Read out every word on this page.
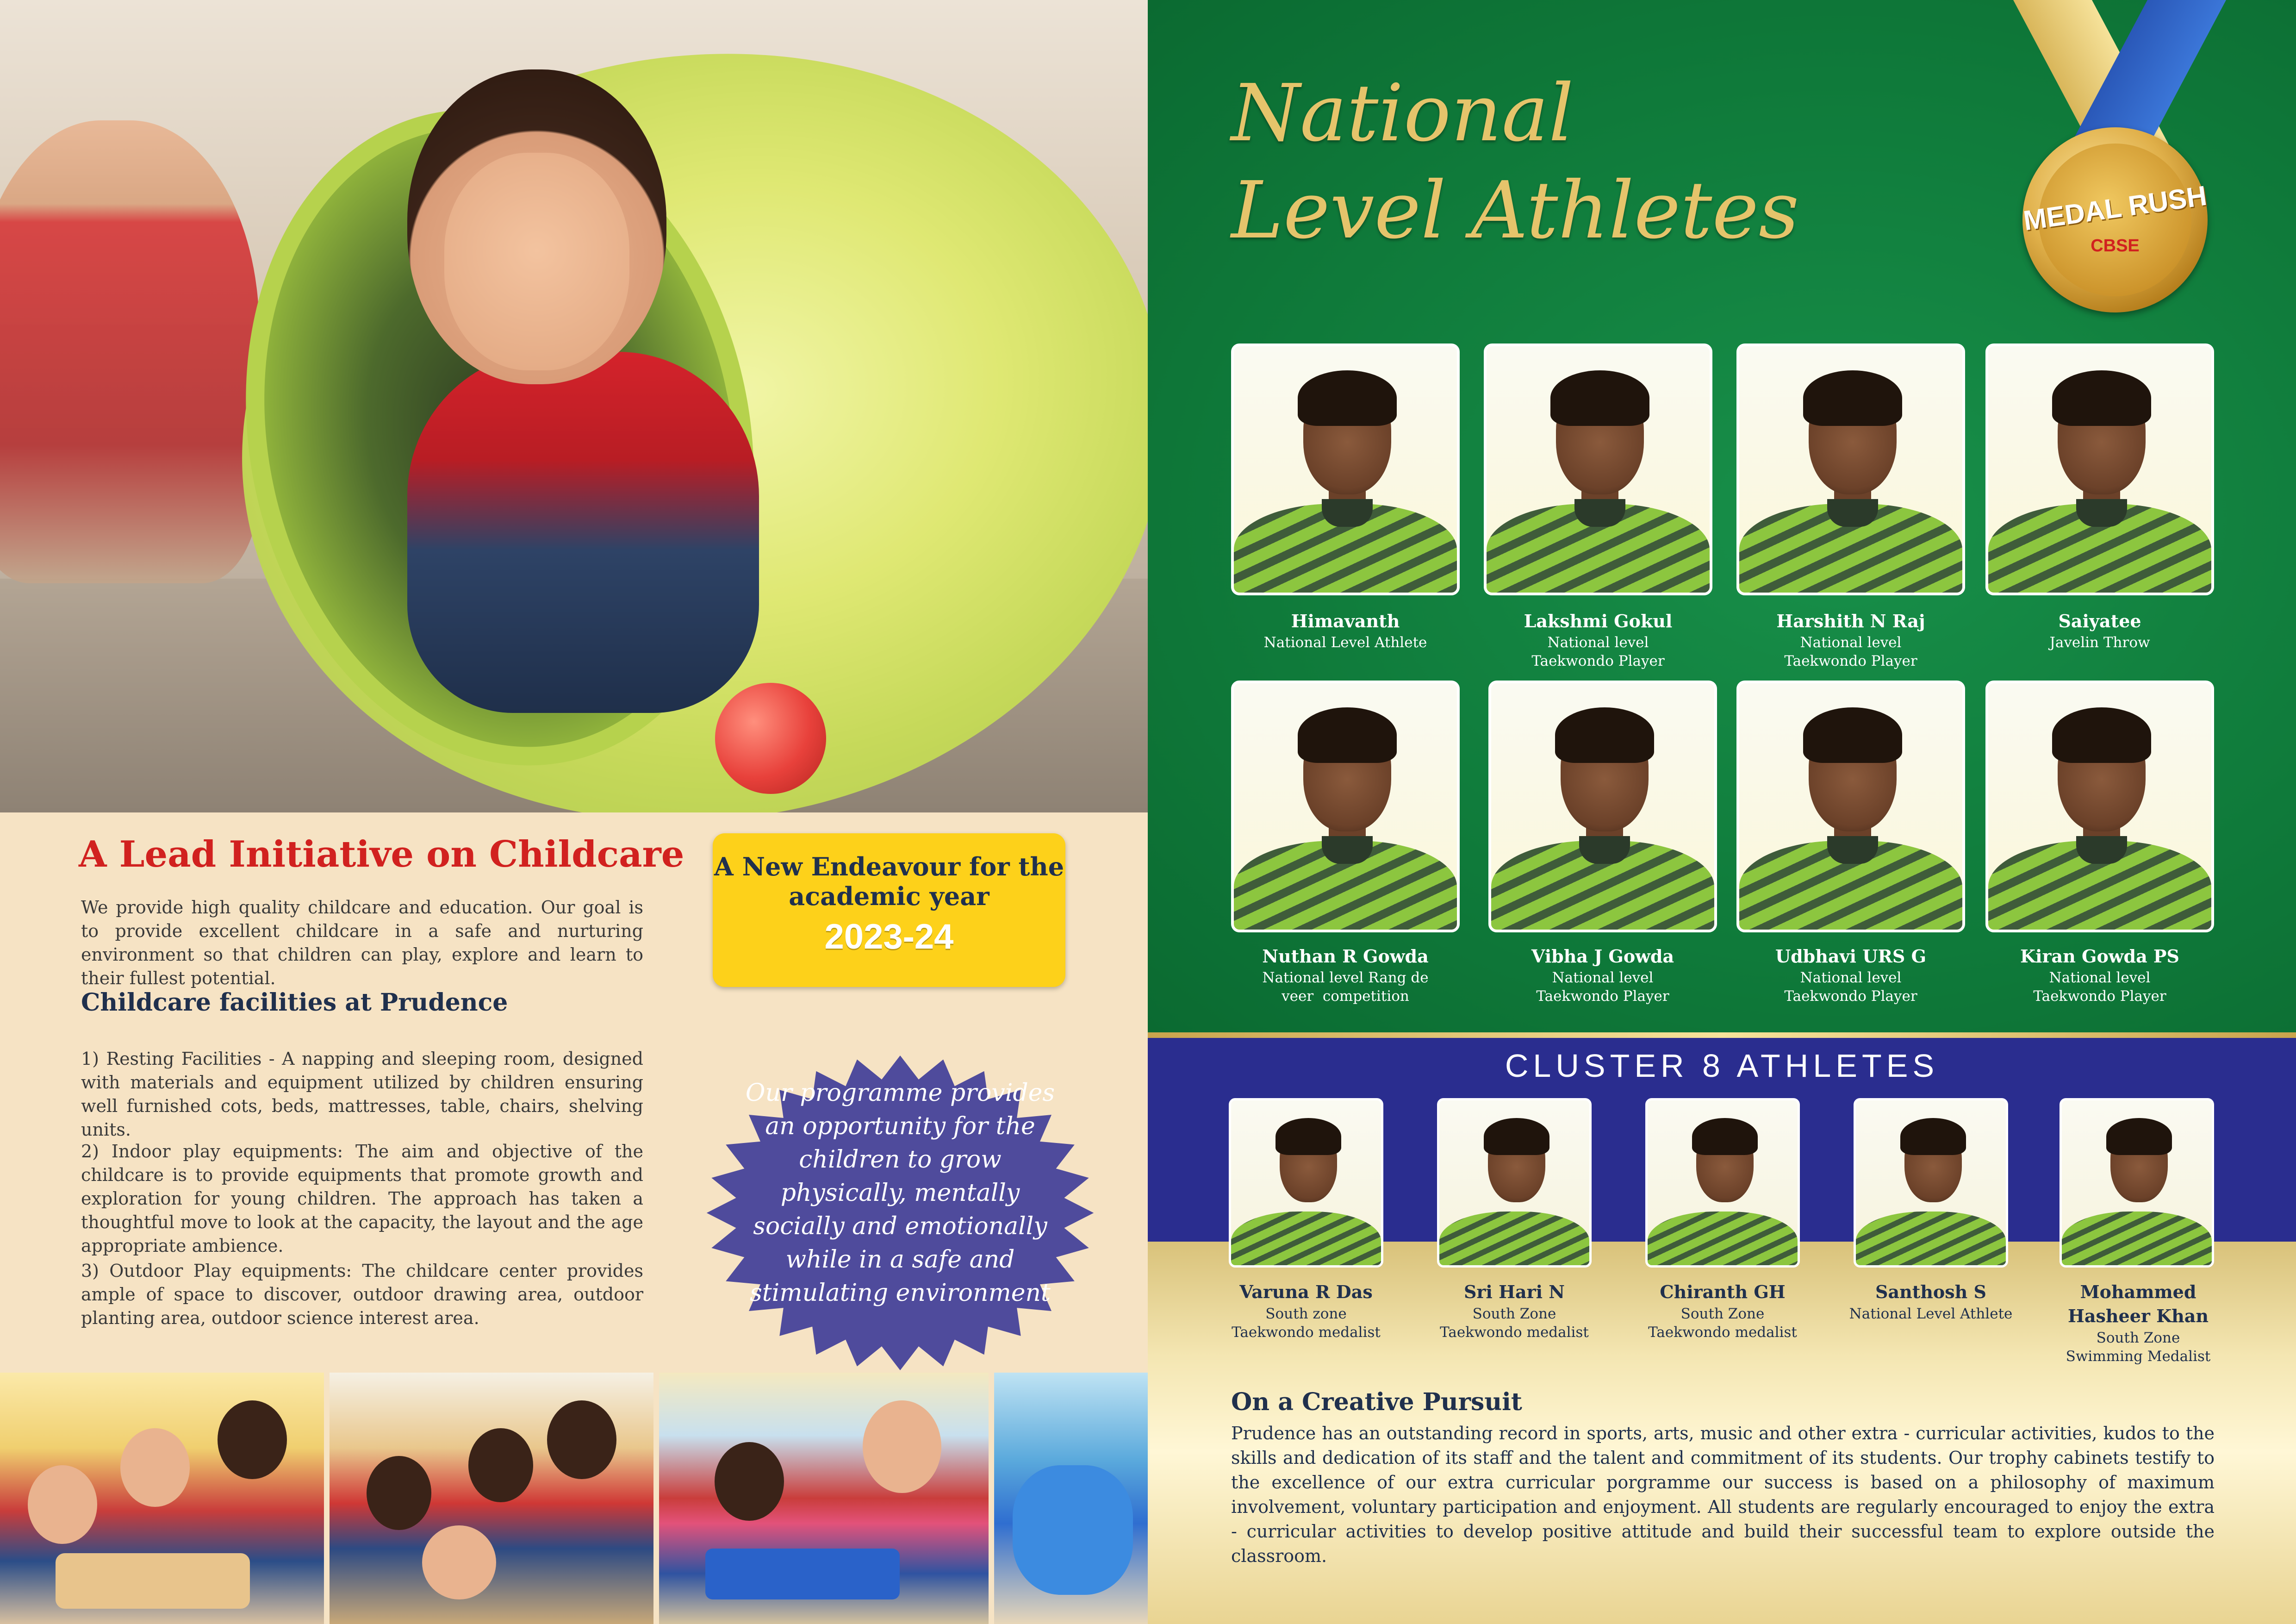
A Lead Initiative on Childcare
We provide high quality childcare and education. Our goal is to provide excellent childcare in a safe and nurturing environment so that children can play, explore and learn to their fullest potential.
Childcare facilities at Prudence
1) Resting Facilities - A napping and sleeping room, designed with materials and equipment utilized by children ensuring well furnished cots, beds, mattresses, table, chairs, shelving units.
2) Indoor play equipments: The aim and objective of the childcare is to provide equipments that promote growth and exploration for young children. The approach has taken a thoughtful move to look at the capacity, the layout and the age appropriate ambience.
3) Outdoor Play equipments: The childcare center provides ample of space to discover, outdoor drawing area, outdoor planting area, outdoor science interest area.
A New Endeavour for the
academic year
2023-24
Our programme provides an opportunity for the children to grow physically, mentally socially and emotionally while in a safe and stimulating environment
National
Level Athletes	MEDAL RUSH
CBSE
Himavanth
National Level Athlete
Lakshmi Gokul
National level
Taekwondo Player
Harshith N Raj
National level
Taekwondo Player
Saiyatee
Javelin Throw
Nuthan R Gowda
National level Rang de
veer  competition
Vibha J Gowda
National level
Taekwondo Player
Udbhavi URS G
National level
Taekwondo Player
Kiran Gowda PS
National level
Taekwondo Player
CLUSTER 8 ATHLETES
Varuna R Das
South zone
Taekwondo medalist
Sri Hari N
South Zone
Taekwondo medalist
Chiranth GH
South Zone
Taekwondo medalist
Santhosh S
National Level Athlete
Mohammed Hasheer Khan
South Zone
Swimming Medalist
On a Creative Pursuit
Prudence has an outstanding record in sports, arts, music and other extra - curricular activities, kudos to the skills and dedication of its staff and the talent and commitment of its students. Our trophy cabinets testify to the excellence of our extra curricular porgramme our success is based on a philosophy of maximum involvement, voluntary participation and enjoyment. All students are regularly encouraged to enjoy the extra - curricular activities to develop positive attitude and build their successful team to explore outside the classroom.
